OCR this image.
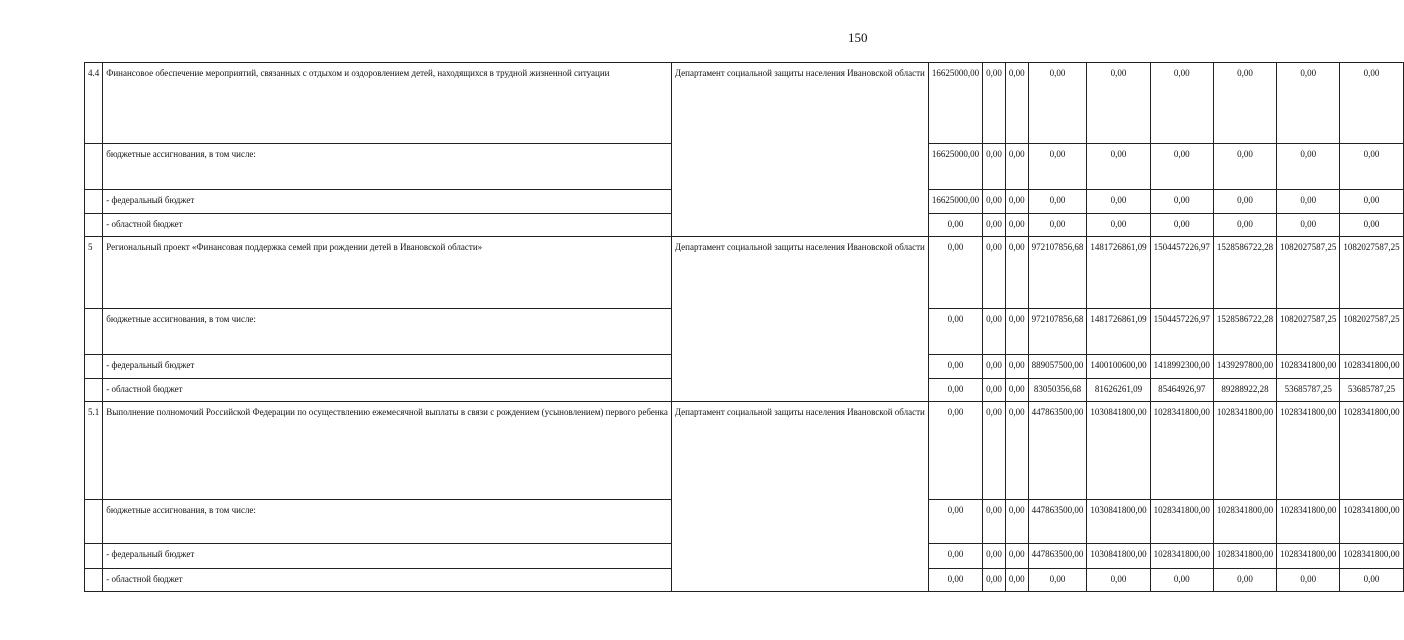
150
4.4	Финансовое обеспечение мероприятий, связанных с отдыхом и оздоровлением детей, находящихся в трудной жизненной ситуации	Департамент социальной защиты населения Ивановской области	16625000,00	0,00	0,00	0,00	0,00	0,00	0,00	0,00	0,00
	бюджетные ассигнования, в том числе:		16625000,00	0,00	0,00	0,00	0,00	0,00	0,00	0,00	0,00
	- федеральный бюджет		16625000,00	0,00	0,00	0,00	0,00	0,00	0,00	0,00	0,00
	- областной бюджет		0,00	0,00	0,00	0,00	0,00	0,00	0,00	0,00	0,00
5	Региональный проект «Финансовая поддержка семей при рождении детей в Ивановской области»	Департамент социальной защиты населения Ивановской области	0,00	0,00	0,00	972107856,68	1481726861,09	1504457226,97	1528586722,28	1082027587,25	1082027587,25
	бюджетные ассигнования, в том числе:		0,00	0,00	0,00	972107856,68	1481726861,09	1504457226,97	1528586722,28	1082027587,25	1082027587,25
	- федеральный бюджет		0,00	0,00	0,00	889057500,00	1400100600,00	1418992300,00	1439297800,00	1028341800,00	1028341800,00
	- областной бюджет		0,00	0,00	0,00	83050356,68	81626261,09	85464926,97	89288922,28	53685787,25	53685787,25
5.1	Выполнение полномочий Российской Федерации по осуществлению ежемесячной выплаты в связи с рождением (усыновлением) первого ребенка	Департамент социальной защиты населения Ивановской области	0,00	0,00	0,00	447863500,00	1030841800,00	1028341800,00	1028341800,00	1028341800,00	1028341800,00
	бюджетные ассигнования, в том числе:		0,00	0,00	0,00	447863500,00	1030841800,00	1028341800,00	1028341800,00	1028341800,00	1028341800,00
	- федеральный бюджет		0,00	0,00	0,00	447863500,00	1030841800,00	1028341800,00	1028341800,00	1028341800,00	1028341800,00
	- областной бюджет		0,00	0,00	0,00	0,00	0,00	0,00	0,00	0,00	0,00
